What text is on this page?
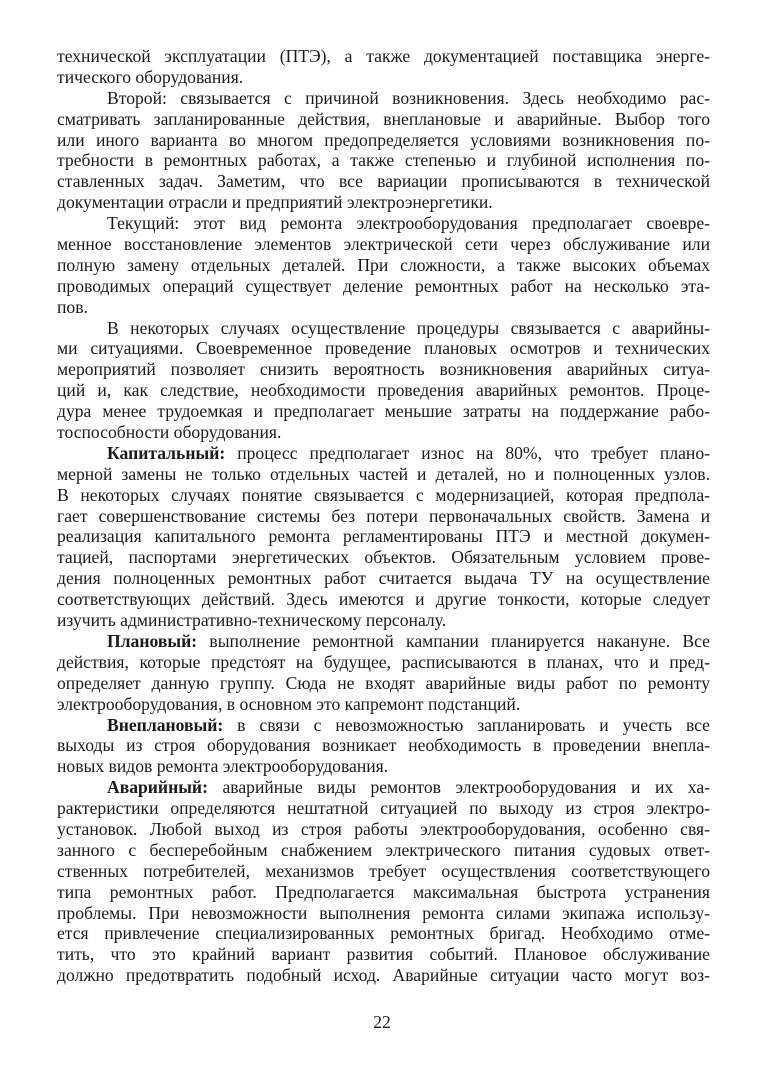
технической эксплуатации (ПТЭ), а также документацией поставщика энерге-
тического оборудования.
Второй: связывается с причиной возникновения. Здесь необходимо рас-
сматривать запланированные действия, внеплановые и аварийные. Выбор того
или иного варианта во многом предопределяется условиями возникновения по-
требности в ремонтных работах, а также степенью и глубиной исполнения по-
ставленных задач. Заметим, что все вариации прописываются в технической
документации отрасли и предприятий электроэнергетики.
Текущий: этот вид ремонта электрооборудования предполагает своевре-
менное восстановление элементов электрической сети через обслуживание или
полную замену отдельных деталей. При сложности, а также высоких объемах
проводимых операций существует деление ремонтных работ на несколько эта-
пов.
В некоторых случаях осуществление процедуры связывается с аварийны-
ми ситуациями. Своевременное проведение плановых осмотров и технических
мероприятий позволяет снизить вероятность возникновения аварийных ситуа-
ций и, как следствие, необходимости проведения аварийных ремонтов. Проце-
дура менее трудоемкая и предполагает меньшие затраты на поддержание рабо-
тоспособности оборудования.
Капитальный: процесс предполагает износ на 80%, что требует плано-
мерной замены не только отдельных частей и деталей, но и полноценных узлов.
В некоторых случаях понятие связывается с модернизацией, которая предпола-
гает совершенствование системы без потери первоначальных свойств. Замена и
реализация капитального ремонта регламентированы ПТЭ и местной докумен-
тацией, паспортами энергетических объектов. Обязательным условием прове-
дения полноценных ремонтных работ считается выдача ТУ на осуществление
соответствующих действий. Здесь имеются и другие тонкости, которые следует
изучить административно-техническому персоналу.
Плановый: выполнение ремонтной кампании планируется накануне. Все
действия, которые предстоят на будущее, расписываются в планах, что и пред-
определяет данную группу. Сюда не входят аварийные виды работ по ремонту
электрооборудования, в основном это капремонт подстанций.
Внеплановый: в связи с невозможностью запланировать и учесть все
выходы из строя оборудования возникает необходимость в проведении внепла-
новых видов ремонта электрооборудования.
Аварийный: аварийные виды ремонтов электрооборудования и их ха-
рактеристики определяются нештатной ситуацией по выходу из строя электро-
установок. Любой выход из строя работы электрооборудования, особенно свя-
занного с бесперебойным снабжением электрического питания судовых ответ-
ственных потребителей, механизмов требует осуществления соответствующего
типа ремонтных работ. Предполагается максимальная быстрота устранения
проблемы. При невозможности выполнения ремонта силами экипажа использу-
ется привлечение специализированных ремонтных бригад. Необходимо отме-
тить, что это крайний вариант развития событий. Плановое обслуживание
должно предотвратить подобный исход. Аварийные ситуации часто могут воз-
22
